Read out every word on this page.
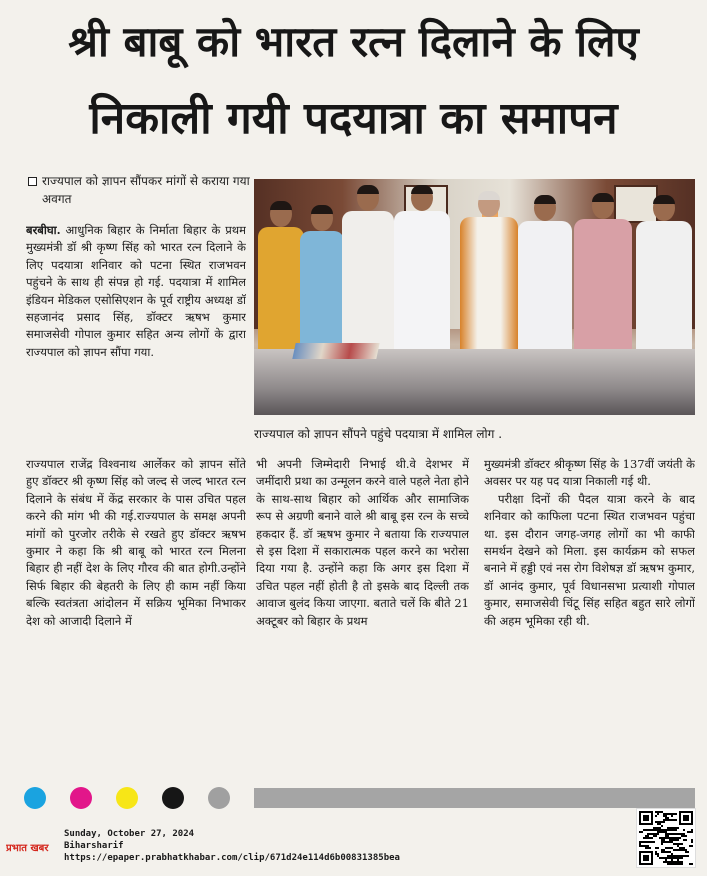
श्री बाबू को भारत रत्न दिलाने के लिए
निकाली गयी पदयात्रा का समापन
राज्यपाल को ज्ञापन सौंपकर मांगों से कराया गया अवगत
बरबीघा. आधुनिक बिहार के निर्माता बिहार के प्रथम मुख्यमंत्री डॉ श्री कृष्ण सिंह को भारत रत्न दिलाने के लिए पदयात्रा शनिवार को पटना स्थित राजभवन पहुंचने के साथ ही संपन्न हो गई. पदयात्रा में शामिल इंडियन मेडिकल एसोसिएशन के पूर्व राष्ट्रीय अध्यक्ष डॉ सहजानंद प्रसाद सिंह, डॉक्टर ऋषभ कुमार समाजसेवी गोपाल कुमार सहित अन्य लोगों के द्वारा राज्यपाल को ज्ञापन सौंपा गया.
राज्यपाल को ज्ञापन सौंपने पहुंचे पदयात्रा में शामिल लोग .
राज्यपाल राजेंद्र विश्वनाथ आर्लेकर को ज्ञापन सोंते हुए डॉक्टर श्री कृष्ण सिंह को जल्द से जल्द भारत रत्न दिलाने के संबंध में केंद्र सरकार के पास उचित पहल करने की मांग भी की गई.राज्यपाल के समक्ष अपनी मांगों को पुरजोर तरीके से रखते हुए डॉक्टर ऋषभ कुमार ने कहा कि श्री बाबू को भारत रत्न मिलना बिहार ही नहीं देश के लिए गौरव की बात होगी.उन्होंने सिर्फ बिहार की बेहतरी के लिए ही काम नहीं किया बल्कि स्वतंत्रता आंदोलन में सक्रिय भूमिका निभाकर देश को आजादी दिलाने में
भी अपनी जिम्मेदारी निभाई थी.वे देशभर में जमींदारी प्रथा का उन्मूलन करने वाले पहले नेता होने के साथ-साथ बिहार को आर्थिक और सामाजिक रूप से अग्रणी बनाने वाले श्री बाबू इस रत्न के सच्चे हकदार हैं. डॉ ऋषभ कुमार ने बताया कि राज्यपाल से इस दिशा में सकारात्मक पहल करने का भरोसा दिया गया है. उन्होंने कहा कि अगर इस दिशा में उचित पहल नहीं होती है तो इसके बाद दिल्ली तक आवाज बुलंद किया जाएगा. बताते चलें कि बीते 21 अक्टूबर को बिहार के प्रथम
मुख्यमंत्री डॉक्टर श्रीकृष्ण सिंह के 137वीं जयंती के अवसर पर यह पद यात्रा निकाली गई थी.
परीक्षा दिनों की पैदल यात्रा करने के बाद शनिवार को काफिला पटना स्थित राजभवन पहुंचा था. इस दौरान जगह-जगह लोगों का भी काफी समर्थन देखने को मिला. इस कार्यक्रम को सफल बनाने में हड्डी एवं नस रोग विशेषज्ञ डॉ ऋषभ कुमार, डॉ आनंद कुमार, पूर्व विधानसभा प्रत्याशी गोपाल कुमार, समाजसेवी चिंटू सिंह सहित बहुत सारे लोगों की अहम भूमिका रही थी.
प्रभात खबर
Sunday, October 27, 2024
Biharsharif
https://epaper.prabhatkhabar.com/clip/671d24e114d6b00831385bea
